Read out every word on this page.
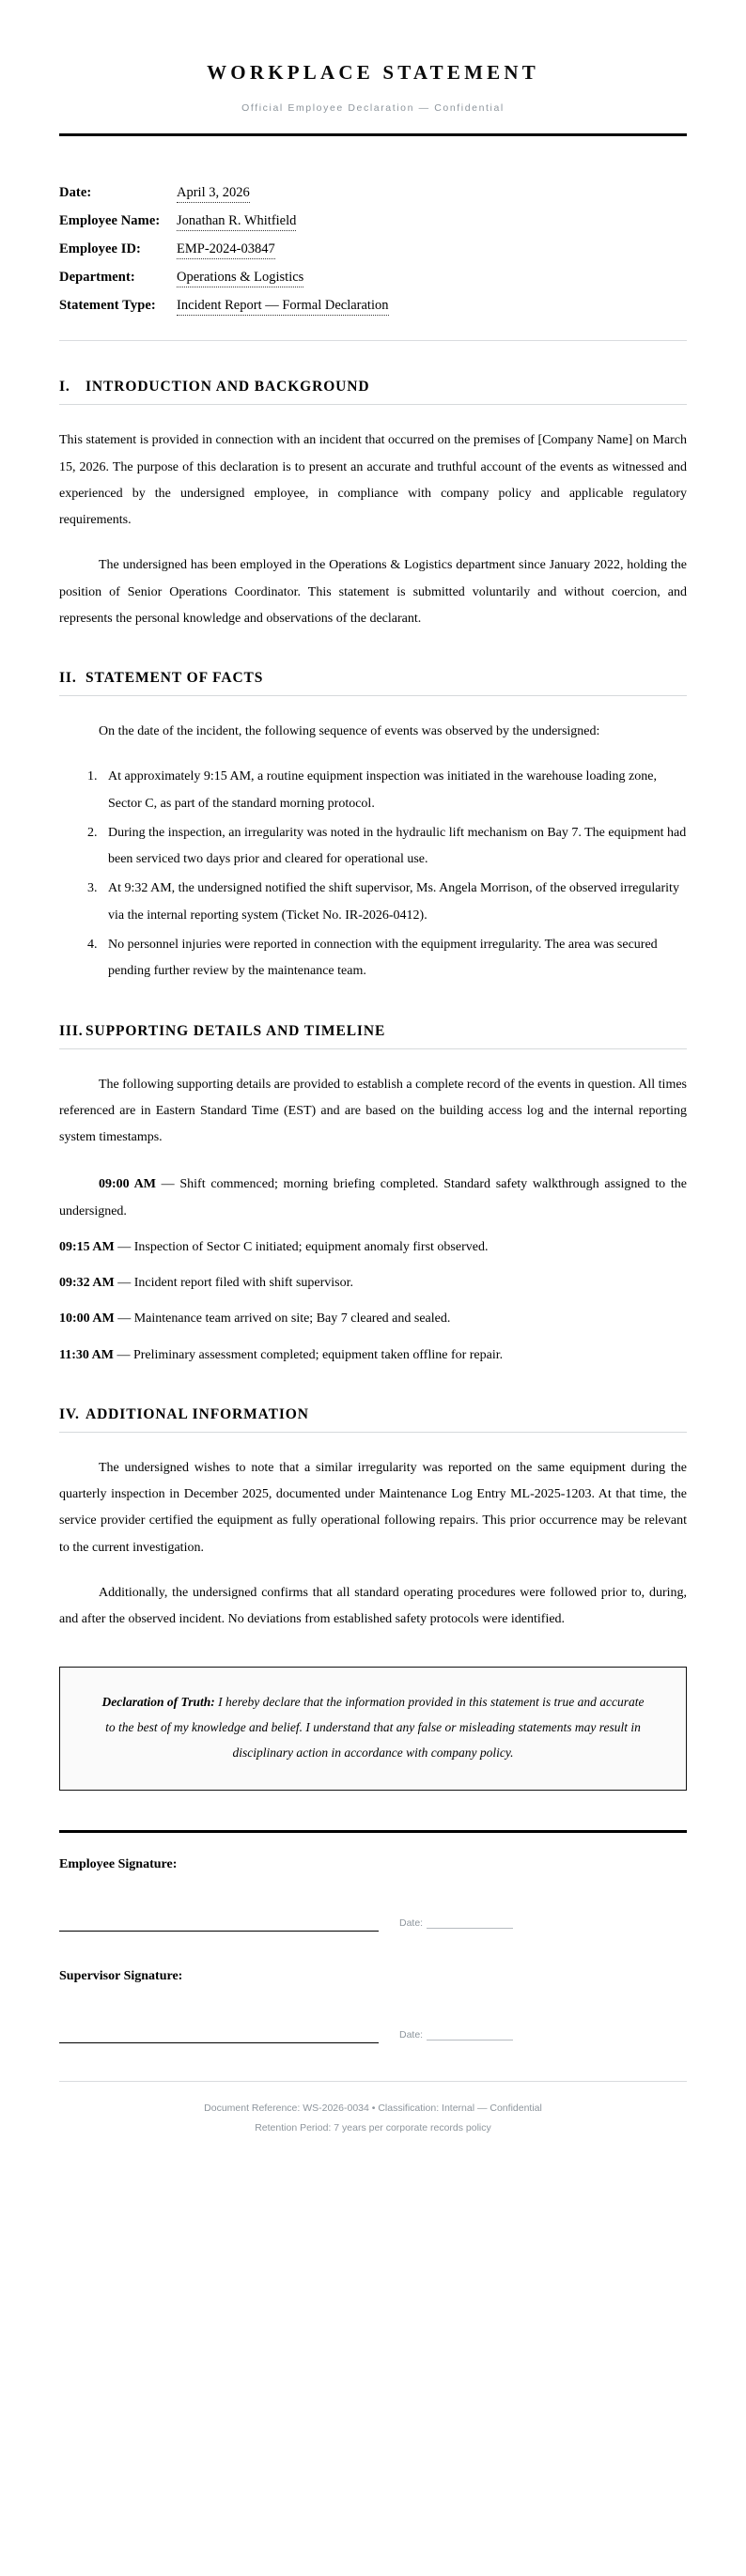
WORKPLACE STATEMENT
Official Employee Declaration — Confidential
Date:	April 3, 2026
Employee Name:	Jonathan R. Whitfield
Employee ID:	EMP-2024-03847
Department:	Operations & Logistics
Statement Type:	Incident Report — Formal Declaration
I. INTRODUCTION AND BACKGROUND

This statement is provided in connection with an incident that occurred on the premises of [Company Name] on March 15, 2026. The purpose of this declaration is to present an accurate and truthful account of the events as witnessed and experienced by the undersigned employee, in compliance with company policy and applicable regulatory requirements.

The undersigned has been employed in the Operations & Logistics department since January 2022, holding the position of Senior Operations Coordinator. This statement is submitted voluntarily and without coercion, and represents the personal knowledge and observations of the declarant.

II. STATEMENT OF FACTS

On the date of the incident, the following sequence of events was observed by the undersigned:

1. At approximately 9:15 AM, a routine equipment inspection was initiated in the warehouse loading zone, Sector C, as part of the standard morning protocol.
2. During the inspection, an irregularity was noted in the hydraulic lift mechanism on Bay 7. The equipment had been serviced two days prior and cleared for operational use.
3. At 9:32 AM, the undersigned notified the shift supervisor, Ms. Angela Morrison, of the observed irregularity via the internal reporting system (Ticket No. IR-2026-0412).
4. No personnel injuries were reported in connection with the equipment irregularity. The area was secured pending further review by the maintenance team.
III. SUPPORTING DETAILS AND TIMELINE

The following supporting details are provided to establish a complete record of the events in question. All times referenced are in Eastern Standard Time (EST) and are based on the building access log and the internal reporting system timestamps.

09:00 AM — Shift commenced; morning briefing completed. Standard safety walkthrough assigned to the undersigned.

09:15 AM — Inspection of Sector C initiated; equipment anomaly first observed.

09:32 AM — Incident report filed with shift supervisor.

10:00 AM — Maintenance team arrived on site; Bay 7 cleared and sealed.

11:30 AM — Preliminary assessment completed; equipment taken offline for repair.

IV. ADDITIONAL INFORMATION

The undersigned wishes to note that a similar irregularity was reported on the same equipment during the quarterly inspection in December 2025, documented under Maintenance Log Entry ML-2025-1203. At that time, the service provider certified the equipment as fully operational following repairs. This prior occurrence may be relevant to the current investigation.

Additionally, the undersigned confirms that all standard operating procedures were followed prior to, during, and after the observed incident. No deviations from established safety protocols were identified.

Declaration of Truth: I hereby declare that the information provided in this statement is true and accurate to the best of my knowledge and belief. I understand that any false or misleading statements may result in disciplinary action in accordance with company policy.

Employee Signature:
Date:
Supervisor Signature:
Date:

Document Reference: WS-2026-0034 • Classification: Internal — Confidential

Retention Period: 7 years per corporate records policy
